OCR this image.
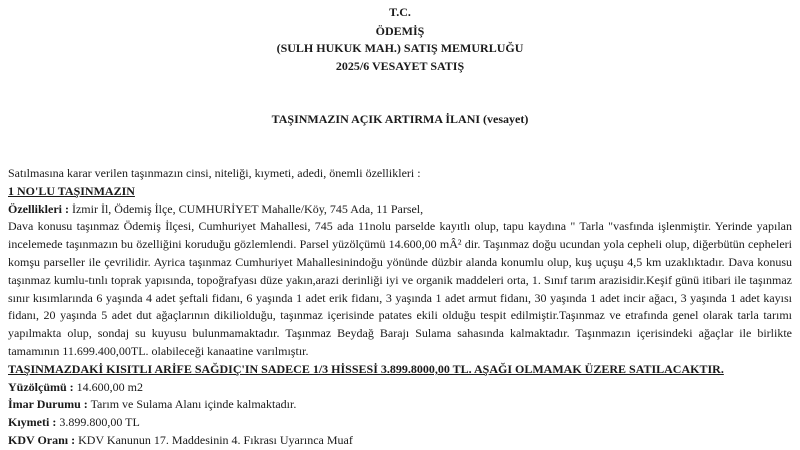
T.C.
ÖDEMİŞ
(SULH HUKUK MAH.) SATIŞ MEMURLUĞU
2025/6 VESAYET SATIŞ
TAŞINMAZIN AÇIK ARTIRMA İLANI (vesayet)

Satılmasına karar verilen taşınmazın cinsi, niteliği, kıymeti, adedi, önemli özellikleri :

1 NO'LU TAŞINMAZIN

Özellikleri : İzmir İl, Ödemiş İlçe, CUMHURİYET Mahalle/Köy, 745 Ada, 11 Parsel,

Dava konusu taşınmaz Ödemiş İlçesi, Cumhuriyet Mahallesi, 745 ada 11nolu parselde kayıtlı olup, tapu kaydına " Tarla "vasfında işlenmiştir. Yerinde yapılan incelemede taşınmazın bu özelliğini koruduğu gözlemlendi. Parsel yüzölçümü 14.600,00 mÂ² dir. Taşınmaz doğu ucundan yola cepheli olup, diğerbütün cepheleri komşu parseller ile çevrilidir. Ayrica taşınmaz Cumhuriyet Mahallesinindoğu yönünde düzbir alanda konumlu olup, kuş uçuşu 4,5 km uzaklıktadır. Dava konusu taşınmaz kumlu-tınlı toprak yapısında, topoğrafyası düze yakın,arazi derinliği iyi ve organik maddeleri orta, 1. Sınıf tarım arazisidir.Keşif günü itibari ile taşınmaz sınır kısımlarında 6 yaşında 4 adet şeftali fidanı, 6 yaşında 1 adet erik fidanı, 3 yaşında 1 adet armut fidanı, 30 yaşında 1 adet incir ağacı, 3 yaşında 1 adet kayısı fidanı, 20 yaşında 5 adet dut ağaçlarının dikiliolduğu, taşınmaz içerisinde patates ekili olduğu tespit edilmiştir.Taşınmaz ve etrafında genel olarak tarla tarımı yapılmakta olup, sondaj su kuyusu bulunmamaktadır. Taşınmaz Beydağ Barajı Sulama sahasında kalmaktadır. Taşınmazın içerisindeki ağaçlar ile birlikte tamamının 11.699.400,00TL. olabileceği kanaatine varılmıştır.

TAŞINMAZDAKİ KISITLI ARİFE SAĞDIÇ'IN SADECE 1/3 HİSSESİ 3.899.8000,00 TL. AŞAĞI OLMAMAK ÜZERE SATILACAKTIR.

Yüzölçümü : 14.600,00 m2

İmar Durumu : Tarım ve Sulama Alanı içinde kalmaktadır.

Kıymeti : 3.899.800,00 TL

KDV Oranı : KDV Kanunun 17. Maddesinin 4. Fıkrası Uyarınca Muaf
